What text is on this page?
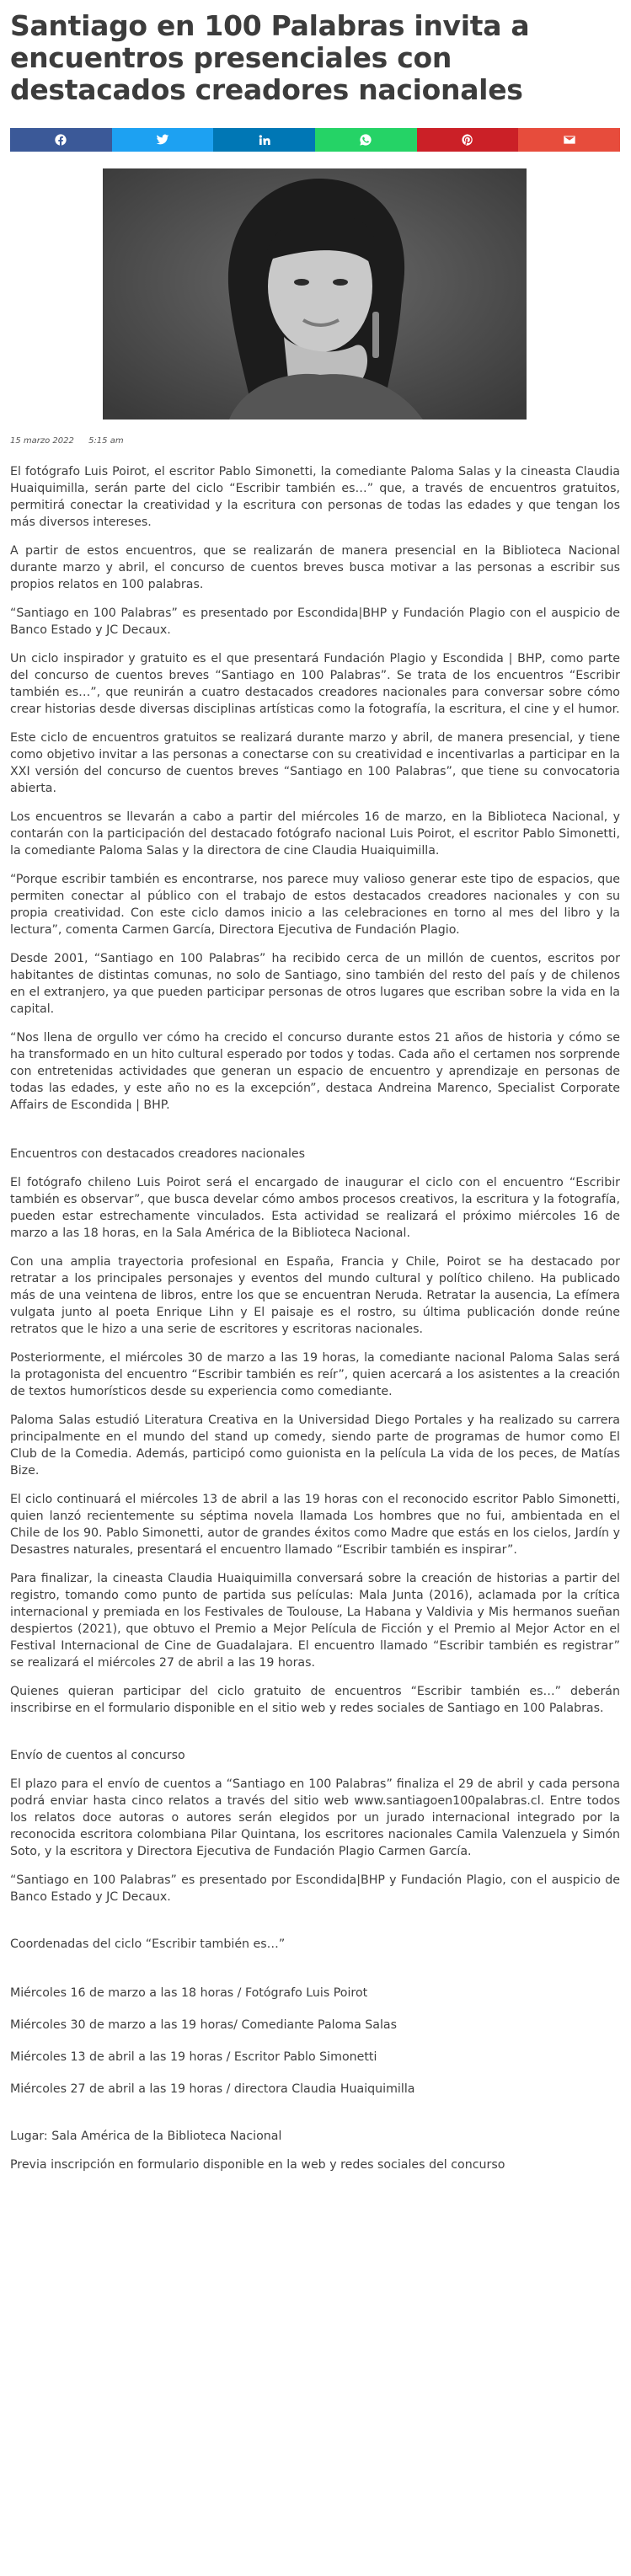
Santiago en 100 Palabras invita a encuentros presenciales con destacados creadores nacionales
15 marzo 2022 5:15 am

El fotógrafo Luis Poirot, el escritor Pablo Simonetti, la comediante Paloma Salas y la cineasta Claudia Huaiquimilla, serán parte del ciclo “Escribir también es…” que, a través de encuentros gratuitos, permitirá conectar la creatividad y la escritura con personas de todas las edades y que tengan los más diversos intereses.

A partir de estos encuentros, que se realizarán de manera presencial en la Biblioteca Nacional durante marzo y abril, el concurso de cuentos breves busca motivar a las personas a escribir sus propios relatos en 100 palabras.

“Santiago en 100 Palabras” es presentado por Escondida|BHP y Fundación Plagio con el auspicio de Banco Estado y JC Decaux.

Un ciclo inspirador y gratuito es el que presentará Fundación Plagio y Escondida | BHP, como parte del concurso de cuentos breves “Santiago en 100 Palabras”. Se trata de los encuentros “Escribir también es…”, que reunirán a cuatro destacados creadores nacionales para conversar sobre cómo crear historias desde diversas disciplinas artísticas como la fotografía, la escritura, el cine y el humor.

Este ciclo de encuentros gratuitos se realizará durante marzo y abril, de manera presencial, y tiene como objetivo invitar a las personas a conectarse con su creatividad e incentivarlas a participar en la XXI versión del concurso de cuentos breves “Santiago en 100 Palabras”, que tiene su convocatoria abierta.

Los encuentros se llevarán a cabo a partir del miércoles 16 de marzo, en la Biblioteca Nacional, y contarán con la participación del destacado fotógrafo nacional Luis Poirot, el escritor Pablo Simonetti, la comediante Paloma Salas y la directora de cine Claudia Huaiquimilla.

“Porque escribir también es encontrarse, nos parece muy valioso generar este tipo de espacios, que permiten conectar al público con el trabajo de estos destacados creadores nacionales y con su propia creatividad. Con este ciclo damos inicio a las celebraciones en torno al mes del libro y la lectura”, comenta Carmen García, Directora Ejecutiva de Fundación Plagio.

Desde 2001, “Santiago en 100 Palabras” ha recibido cerca de un millón de cuentos, escritos por habitantes de distintas comunas, no solo de Santiago, sino también del resto del país y de chilenos en el extranjero, ya que pueden participar personas de otros lugares que escriban sobre la vida en la capital.

“Nos llena de orgullo ver cómo ha crecido el concurso durante estos 21 años de historia y cómo se ha transformado en un hito cultural esperado por todos y todas. Cada año el certamen nos sorprende con entretenidas actividades que generan un espacio de encuentro y aprendizaje en personas de todas las edades, y este año no es la excepción”, destaca Andreina Marenco, Specialist Corporate Affairs de Escondida | BHP.

Encuentros con destacados creadores nacionales

El fotógrafo chileno Luis Poirot será el encargado de inaugurar el ciclo con el encuentro “Escribir también es observar”, que busca develar cómo ambos procesos creativos, la escritura y la fotografía, pueden estar estrechamente vinculados. Esta actividad se realizará el próximo miércoles 16 de marzo a las 18 horas, en la Sala América de la Biblioteca Nacional.

Con una amplia trayectoria profesional en España, Francia y Chile, Poirot se ha destacado por retratar a los principales personajes y eventos del mundo cultural y político chileno. Ha publicado más de una veintena de libros, entre los que se encuentran Neruda. Retratar la ausencia, La efímera vulgata junto al poeta Enrique Lihn y El paisaje es el rostro, su última publicación donde reúne retratos que le hizo a una serie de escritores y escritoras nacionales.

Posteriormente, el miércoles 30 de marzo a las 19 horas, la comediante nacional Paloma Salas será la protagonista del encuentro “Escribir también es reír”, quien acercará a los asistentes a la creación de textos humorísticos desde su experiencia como comediante.

Paloma Salas estudió Literatura Creativa en la Universidad Diego Portales y ha realizado su carrera principalmente en el mundo del stand up comedy, siendo parte de programas de humor como El Club de la Comedia. Además, participó como guionista en la película La vida de los peces, de Matías Bize.

El ciclo continuará el miércoles 13 de abril a las 19 horas con el reconocido escritor Pablo Simonetti, quien lanzó recientemente su séptima novela llamada Los hombres que no fui, ambientada en el Chile de los 90. Pablo Simonetti, autor de grandes éxitos como Madre que estás en los cielos, Jardín y Desastres naturales, presentará el encuentro llamado “Escribir también es inspirar”.

Para finalizar, la cineasta Claudia Huaiquimilla conversará sobre la creación de historias a partir del registro, tomando como punto de partida sus películas: Mala Junta (2016), aclamada por la crítica internacional y premiada en los Festivales de Toulouse, La Habana y Valdivia y Mis hermanos sueñan despiertos (2021), que obtuvo el Premio a Mejor Película de Ficción y el Premio al Mejor Actor en el Festival Internacional de Cine de Guadalajara. El encuentro llamado “Escribir también es registrar” se realizará el miércoles 27 de abril a las 19 horas.

Quienes quieran participar del ciclo gratuito de encuentros “Escribir también es…” deberán inscribirse en el formulario disponible en el sitio web y redes sociales de Santiago en 100 Palabras.

Envío de cuentos al concurso

El plazo para el envío de cuentos a “Santiago en 100 Palabras” finaliza el 29 de abril y cada persona podrá enviar hasta cinco relatos a través del sitio web www.santiagoen100palabras.cl. Entre todos los relatos doce autoras o autores serán elegidos por un jurado internacional integrado por la reconocida escritora colombiana Pilar Quintana, los escritores nacionales Camila Valenzuela y Simón Soto, y la escritora y Directora Ejecutiva de Fundación Plagio Carmen García.

“Santiago en 100 Palabras” es presentado por Escondida|BHP y Fundación Plagio, con el auspicio de Banco Estado y JC Decaux.

Coordenadas del ciclo “Escribir también es…”

Miércoles 16 de marzo a las 18 horas / Fotógrafo Luis Poirot

Miércoles 30 de marzo a las 19 horas/ Comediante Paloma Salas

Miércoles 13 de abril a las 19 horas / Escritor Pablo Simonetti

Miércoles 27 de abril a las 19 horas / directora Claudia Huaiquimilla

Lugar: Sala América de la Biblioteca Nacional

Previa inscripción en formulario disponible en la web y redes sociales del concurso
